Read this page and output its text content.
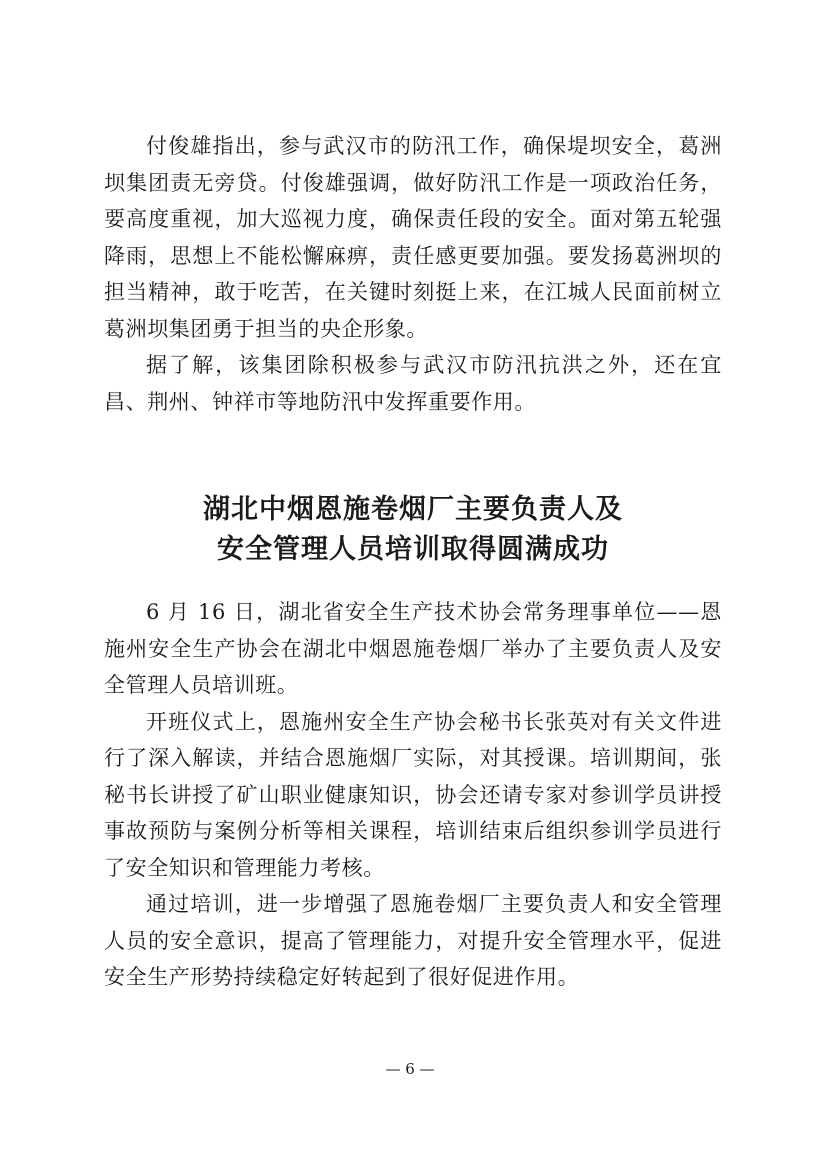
付俊雄指出，参与武汉市的防汛工作，确保堤坝安全，葛洲坝集团责无旁贷。付俊雄强调，做好防汛工作是一项政治任务，要高度重视，加大巡视力度，确保责任段的安全。面对第五轮强降雨，思想上不能松懈麻痹，责任感更要加强。要发扬葛洲坝的担当精神，敢于吃苦，在关键时刻挺上来，在江城人民面前树立葛洲坝集团勇于担当的央企形象。

据了解，该集团除积极参与武汉市防汛抗洪之外，还在宜昌、荆州、钟祥市等地防汛中发挥重要作用。

湖北中烟恩施卷烟厂主要负责人及
安全管理人员培训取得圆满成功

6 月 16 日，湖北省安全生产技术协会常务理事单位——恩施州安全生产协会在湖北中烟恩施卷烟厂举办了主要负责人及安全管理人员培训班。

开班仪式上，恩施州安全生产协会秘书长张英对有关文件进行了深入解读，并结合恩施烟厂实际，对其授课。培训期间，张秘书长讲授了矿山职业健康知识，协会还请专家对参训学员讲授事故预防与案例分析等相关课程，培训结束后组织参训学员进行了安全知识和管理能力考核。

通过培训，进一步增强了恩施卷烟厂主要负责人和安全管理人员的安全意识，提高了管理能力，对提升安全管理水平，促进安全生产形势持续稳定好转起到了很好促进作用。

— 6 —
